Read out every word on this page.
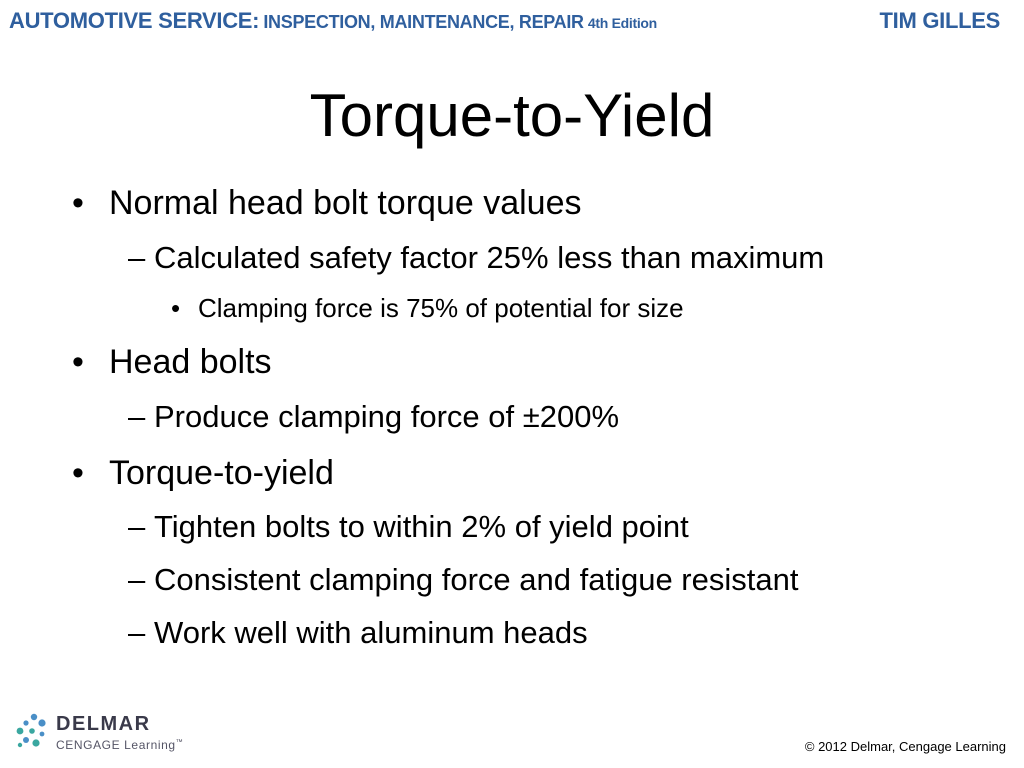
AUTOMOTIVE SERVICE: INSPECTION, MAINTENANCE, REPAIR 4th Edition	TIM GILLES
Torque-to-Yield
• Normal head bolt torque values
– Calculated safety factor 25% less than maximum
• Clamping force is 75% of potential for size
• Head bolts
– Produce clamping force of ±200%
• Torque-to-yield
– Tighten bolts to within 2% of yield point
– Consistent clamping force and fatigue resistant
– Work well with aluminum heads
DELMAR
CENGAGE Learning™	© 2012 Delmar, Cengage Learning
